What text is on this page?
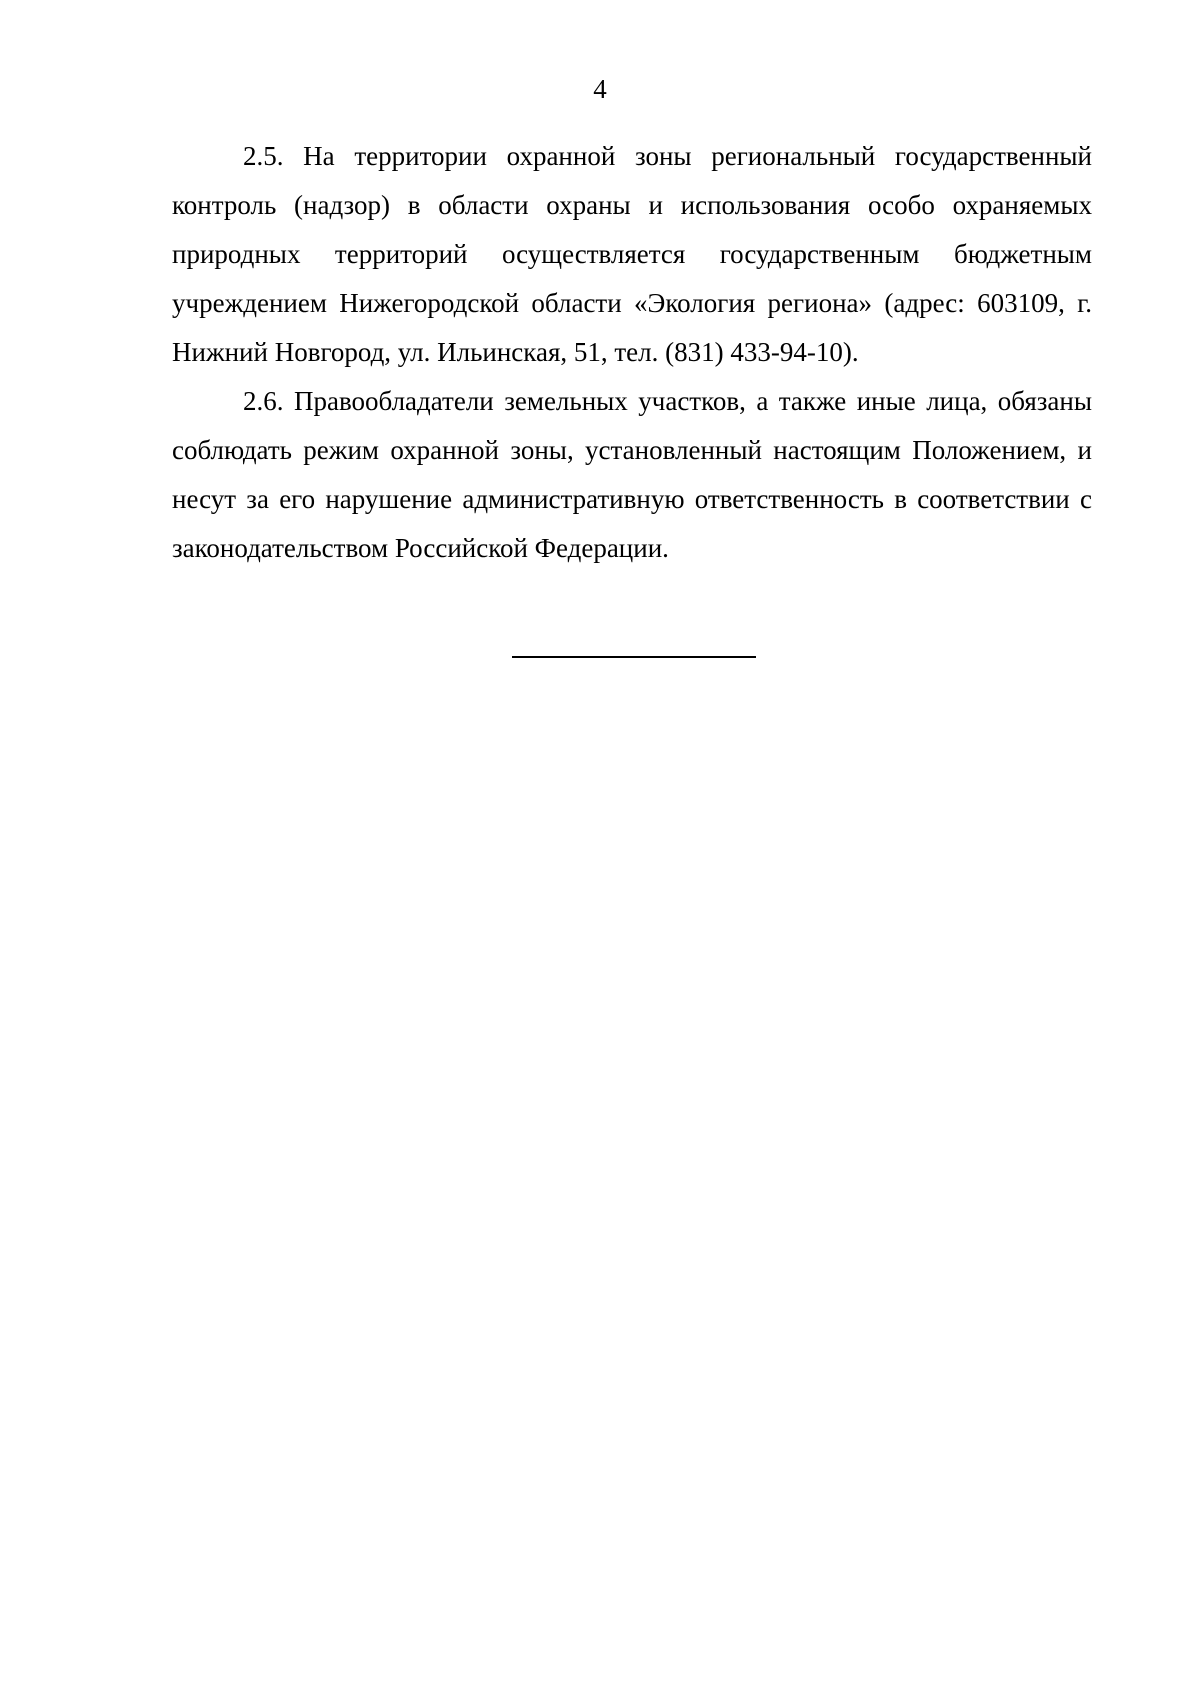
4

2.5. На территории охранной зоны региональный государственный контроль (надзор) в области охраны и использования особо охраняемых природных территорий осуществляется государственным бюджетным учреждением Нижегородской области «Экология региона» (адрес: 603109, г. Нижний Новгород, ул. Ильинская, 51, тел. (831) 433-94-10).

2.6. Правообладатели земельных участков, а также иные лица, обязаны соблюдать режим охранной зоны, установленный настоящим Положением, и несут за его нарушение административную ответственность в соответствии с законодательством Российской Федерации.
